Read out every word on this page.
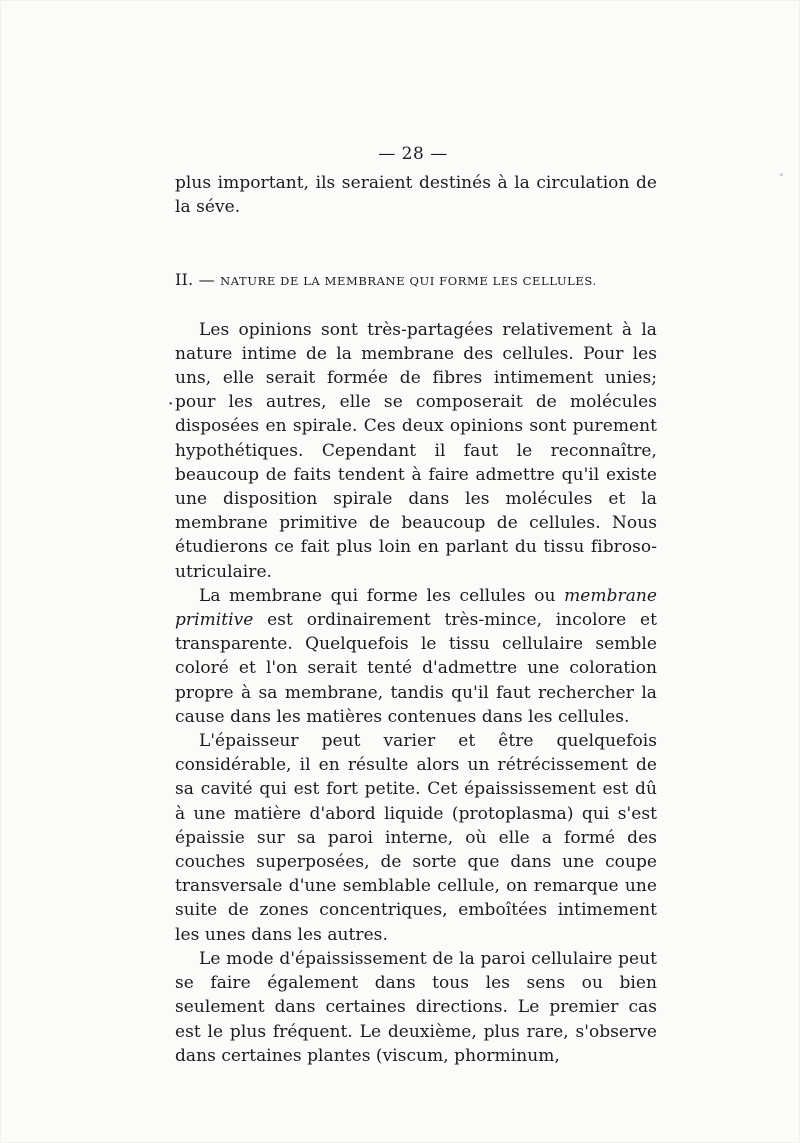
— 28 —

plus important, ils seraient destinés à la circulation de la séve.

II. — NATURE DE LA MEMBRANE QUI FORME LES CELLULES.

Les opinions sont très-partagées relativement à la nature intime de la membrane des cellules. Pour les uns, elle serait formée de fibres intimement unies; pour les autres, elle se composerait de molécules disposées en spirale. Ces deux opinions sont purement hypothétiques. Cependant il faut le reconnaître, beaucoup de faits tendent à faire admettre qu'il existe une disposition spirale dans les molécules et la membrane primitive de beaucoup de cellules. Nous étudierons ce fait plus loin en parlant du tissu fibroso-utriculaire.

La membrane qui forme les cellules ou membrane primitive est ordinairement très-mince, incolore et transparente. Quelquefois le tissu cellulaire semble coloré et l'on serait tenté d'admettre une coloration propre à sa membrane, tandis qu'il faut rechercher la cause dans les matières contenues dans les cellules.

L'épaisseur peut varier et être quelquefois considérable, il en résulte alors un rétrécissement de sa cavité qui est fort petite. Cet épaississement est dû à une matière d'abord liquide (protoplasma) qui s'est épaissie sur sa paroi interne, où elle a formé des couches superposées, de sorte que dans une coupe transversale d'une semblable cellule, on remarque une suite de zones concentriques, emboîtées intimement les unes dans les autres.

Le mode d'épaississement de la paroi cellulaire peut se faire également dans tous les sens ou bien seulement dans certaines directions. Le premier cas est le plus fréquent. Le deuxième, plus rare, s'observe dans certaines plantes (viscum, phorminum,

◦
•
